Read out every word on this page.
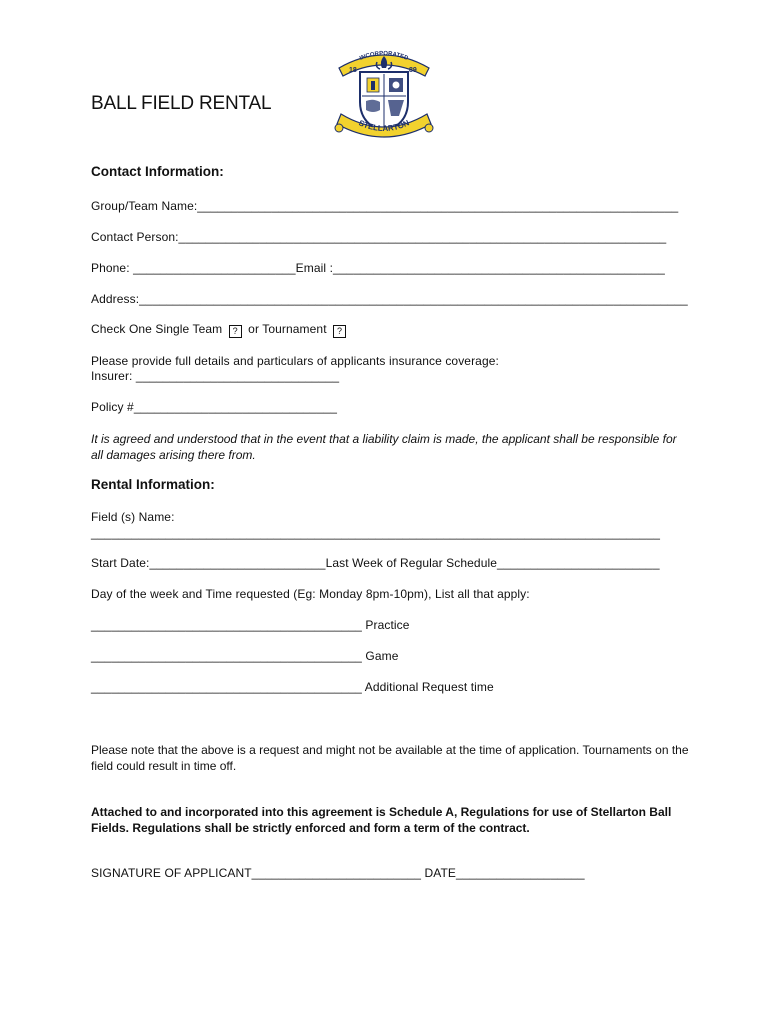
BALL FIELD RENTAL
INCORPORATED
18	89
STELLARTON
Contact Information:
Group/Team Name:_______________________________________________________________________
Contact Person:________________________________________________________________________
Phone: ________________________Email :_________________________________________________
Address:_________________________________________________________________________________
Check One Single Team ? or Tournament ?
Please provide full details and particulars of applicants insurance coverage:
Insurer: ______________________________
Policy #______________________________
It is agreed and understood that in the event that a liability claim is made, the applicant shall be responsible for all damages arising there from.
Rental Information:
Field (s) Name:
____________________________________________________________________________________
Start Date:__________________________Last Week of Regular Schedule________________________
Day of the week and Time requested (Eg: Monday 8pm-10pm), List all that apply:
________________________________________ Practice
________________________________________ Game
________________________________________ Additional Request time
Please note that the above is a request and might not be available at the time of application. Tournaments on the field could result in time off.
Attached to and incorporated into this agreement is Schedule A, Regulations for use of Stellarton Ball Fields. Regulations shall be strictly enforced and form a term of the contract.
SIGNATURE OF APPLICANT_________________________ DATE___________________
